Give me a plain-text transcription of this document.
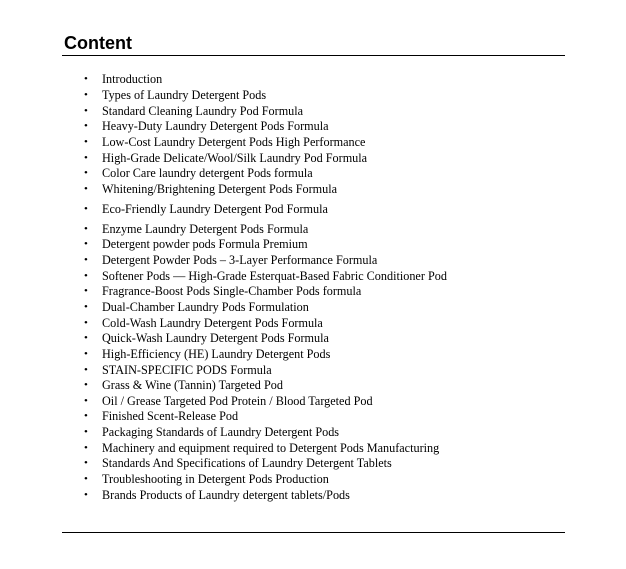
Content
•	Introduction
•	Types of Laundry Detergent Pods
•	Standard Cleaning Laundry Pod Formula
•	Heavy-Duty Laundry Detergent Pods Formula
•	Low-Cost Laundry Detergent Pods High Performance
•	High-Grade Delicate/Wool/Silk Laundry Pod Formula
•	Color Care laundry detergent Pods formula
•	Whitening/Brightening Detergent Pods Formula
•	Eco-Friendly Laundry Detergent Pod Formula
•	Enzyme Laundry Detergent Pods Formula
•	Detergent powder pods Formula Premium
•	Detergent Powder Pods – 3-Layer Performance Formula
•	Softener Pods — High-Grade Esterquat-Based Fabric Conditioner Pod
•	Fragrance-Boost Pods Single-Chamber Pods formula
•	Dual-Chamber Laundry Pods Formulation
•	Cold-Wash Laundry Detergent Pods Formula
•	Quick-Wash Laundry Detergent Pods Formula
•	High-Efficiency (HE) Laundry Detergent Pods
•	STAIN-SPECIFIC PODS Formula
•	Grass & Wine (Tannin) Targeted Pod
•	Oil / Grease Targeted Pod Protein / Blood Targeted Pod
•	Finished Scent-Release Pod
•	Packaging Standards of Laundry Detergent Pods
•	Machinery and equipment required to Detergent Pods Manufacturing
•	Standards And Specifications of Laundry Detergent Tablets
•	Troubleshooting in Detergent Pods Production
•	Brands Products of Laundry detergent tablets/Pods
